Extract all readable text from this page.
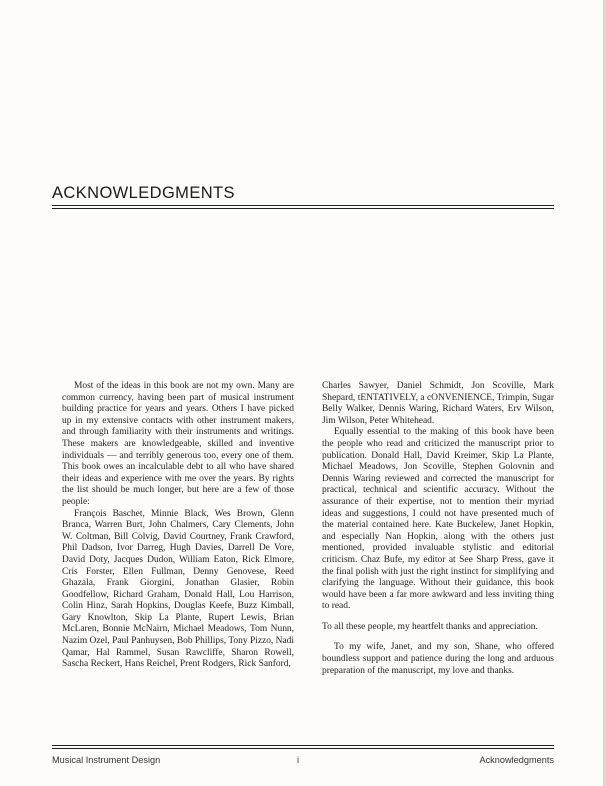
ACKNOWLEDGMENTS

Most of the ideas in this book are not my own. Many are common currency, having been part of musical instrument building practice for years and years. Others I have picked up in my extensive contacts with other instrument makers, and through familiarity with their instruments and writings. These makers are knowledgeable, skilled and inventive individuals — and terribly generous too, every one of them. This book owes an incalculable debt to all who have shared their ideas and experience with me over the years. By rights the list should be much longer, but here are a few of those people:

François Baschet, Minnie Black, Wes Brown, Glenn Branca, Warren Burt, John Chalmers, Cary Clements, John W. Coltman, Bill Colvig, David Courtney, Frank Crawford, Phil Dadson, Ivor Darreg, Hugh Davies, Darrell De Vore, David Doty, Jacques Dudon, William Eaton, Rick Elmore, Cris Forster, Ellen Fullman, Denny Genovese, Reed Ghazala, Frank Giorgini, Jonathan Glasier, Robin Goodfellow, Richard Graham, Donald Hall, Lou Harrison, Colin Hinz, Sarah Hopkins, Douglas Keefe, Buzz Kimball, Gary Knowlton, Skip La Plante, Rupert Lewis, Brian McLaren, Bonnie McNairn, Michael Meadows, Tom Nunn, Nazim Ozel, Paul Panhuysen, Bob Phillips, Tony Pizzo, Nadi Qamar, Hal Rammel, Susan Rawcliffe, Sharon Rowell, Sascha Reckert, Hans Reichel, Prent Rodgers, Rick Sanford,

Charles Sawyer, Daniel Schmidt, Jon Scoville, Mark Shepard, tENTATIVELY, a cONVENIENCE, Trimpin, Sugar Belly Walker, Dennis Waring, Richard Waters, Erv Wilson, Jim Wilson, Peter Whitehead.

Equally essential to the making of this book have been the people who read and criticized the manuscript prior to publication. Donald Hall, David Kreimer, Skip La Plante, Michael Meadows, Jon Scoville, Stephen Golovnin and Dennis Waring reviewed and corrected the manuscript for practical, technical and scientific accuracy. Without the assurance of their expertise, not to mention their myriad ideas and suggestions, I could not have presented much of the material contained here. Kate Buckelew, Janet Hopkin, and especially Nan Hopkin, along with the others just mentioned, provided invaluable stylistic and editorial criticism. Chaz Bufe, my editor at See Sharp Press, gave it the final polish with just the right instinct for simplifying and clarifying the language. Without their guidance, this book would have been a far more awkward and less inviting thing to read.

To all these people, my heartfelt thanks and appreciation.

To my wife, Janet, and my son, Shane, who offered boundless support and patience during the long and arduous preparation of the manuscript, my love and thanks.

Musical Instrument Design	i	Acknowledgments
